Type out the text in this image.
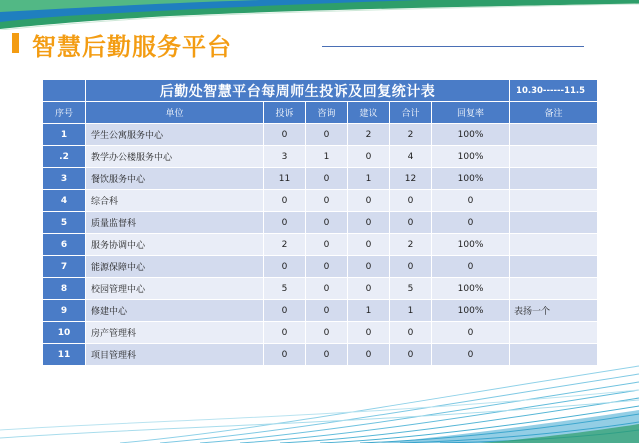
智慧后勤服务平台
	后勤处智慧平台每周师生投诉及回复统计表						10.30------11.5
序号	单位	投诉	咨询	建议	合计	回复率	备注
1	学生公寓服务中心	0	0	2	2	100%	
.2	教学办公楼服务中心	3	1	0	4	100%	
3	餐饮服务中心	11	0	1	12	100%	
4	综合科	0	0	0	0	0	
5	质量监督科	0	0	0	0	0	
6	服务协调中心	2	0	0	2	100%	
7	能源保障中心	0	0	0	0	0	
8	校园管理中心	5	0	0	5	100%	
9	修建中心	0	0	1	1	100%	表扬一个
10	房产管理科	0	0	0	0	0	
11	项目管理科	0	0	0	0	0	
